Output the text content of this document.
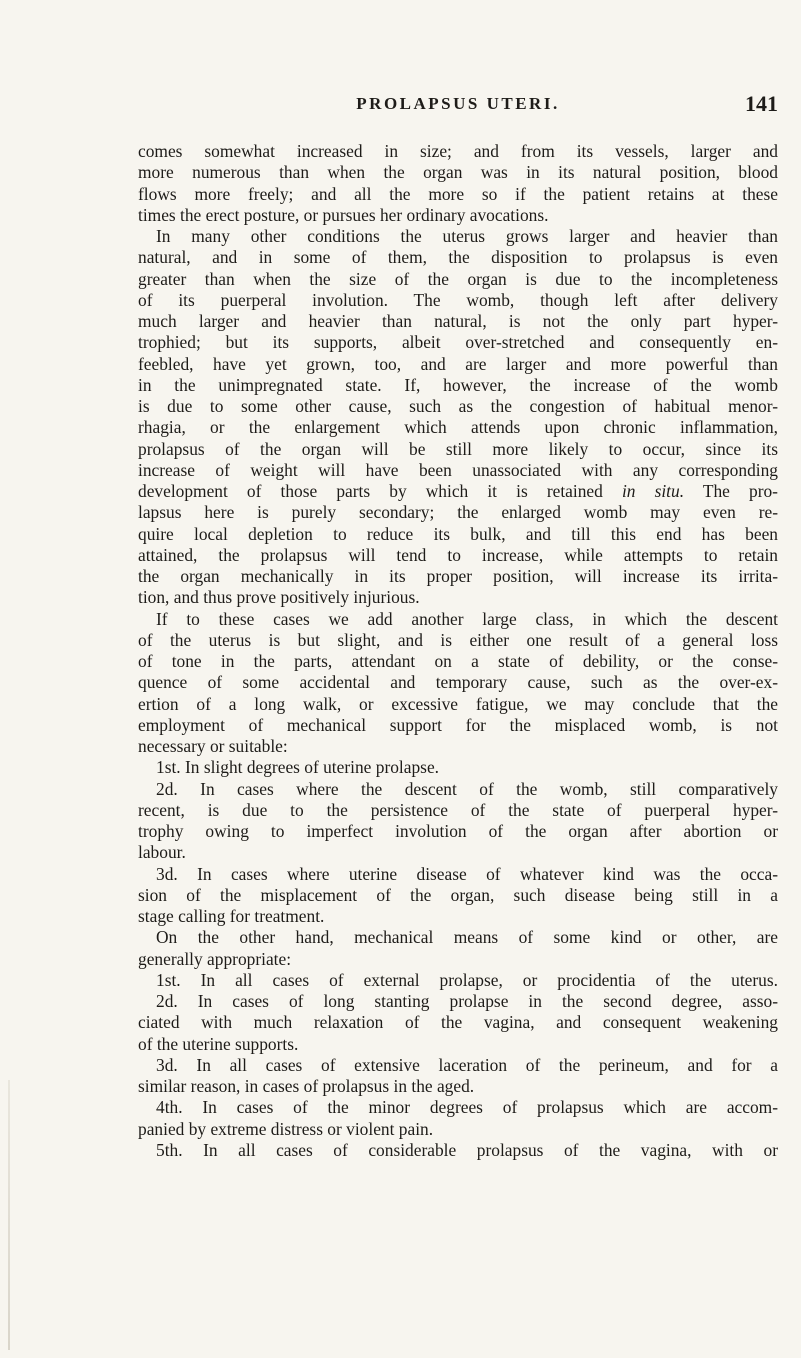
PROLAPSUS UTERI.	141
comes somewhat increased in size; and from its vessels, larger and
more numerous than when the organ was in its natural position, blood
flows more freely; and all the more so if the patient retains at these
times the erect posture, or pursues her ordinary avocations.
In many other conditions the uterus grows larger and heavier than
natural, and in some of them, the disposition to prolapsus is even
greater than when the size of the organ is due to the incompleteness
of its puerperal involution. The womb, though left after delivery
much larger and heavier than natural, is not the only part hyper-
trophied; but its supports, albeit over-stretched and consequently en-
feebled, have yet grown, too, and are larger and more powerful than
in the unimpregnated state. If, however, the increase of the womb
is due to some other cause, such as the congestion of habitual menor-
rhagia, or the enlargement which attends upon chronic inflammation,
prolapsus of the organ will be still more likely to occur, since its
increase of weight will have been unassociated with any corresponding
development of those parts by which it is retained in situ. The pro-
lapsus here is purely secondary; the enlarged womb may even re-
quire local depletion to reduce its bulk, and till this end has been
attained, the prolapsus will tend to increase, while attempts to retain
the organ mechanically in its proper position, will increase its irrita-
tion, and thus prove positively injurious.
If to these cases we add another large class, in which the descent
of the uterus is but slight, and is either one result of a general loss
of tone in the parts, attendant on a state of debility, or the conse-
quence of some accidental and temporary cause, such as the over-ex-
ertion of a long walk, or excessive fatigue, we may conclude that the
employment of mechanical support for the misplaced womb, is not
necessary or suitable:
1st. In slight degrees of uterine prolapse.
2d. In cases where the descent of the womb, still comparatively
recent, is due to the persistence of the state of puerperal hyper-
trophy owing to imperfect involution of the organ after abortion or
labour.
3d. In cases where uterine disease of whatever kind was the occa-
sion of the misplacement of the organ, such disease being still in a
stage calling for treatment.
On the other hand, mechanical means of some kind or other, are
generally appropriate:
1st. In all cases of external prolapse, or procidentia of the uterus.
2d. In cases of long stanting prolapse in the second degree, asso-
ciated with much relaxation of the vagina, and consequent weakening
of the uterine supports.
3d. In all cases of extensive laceration of the perineum, and for a
similar reason, in cases of prolapsus in the aged.
4th. In cases of the minor degrees of prolapsus which are accom-
panied by extreme distress or violent pain.
5th. In all cases of considerable prolapsus of the vagina, with or
